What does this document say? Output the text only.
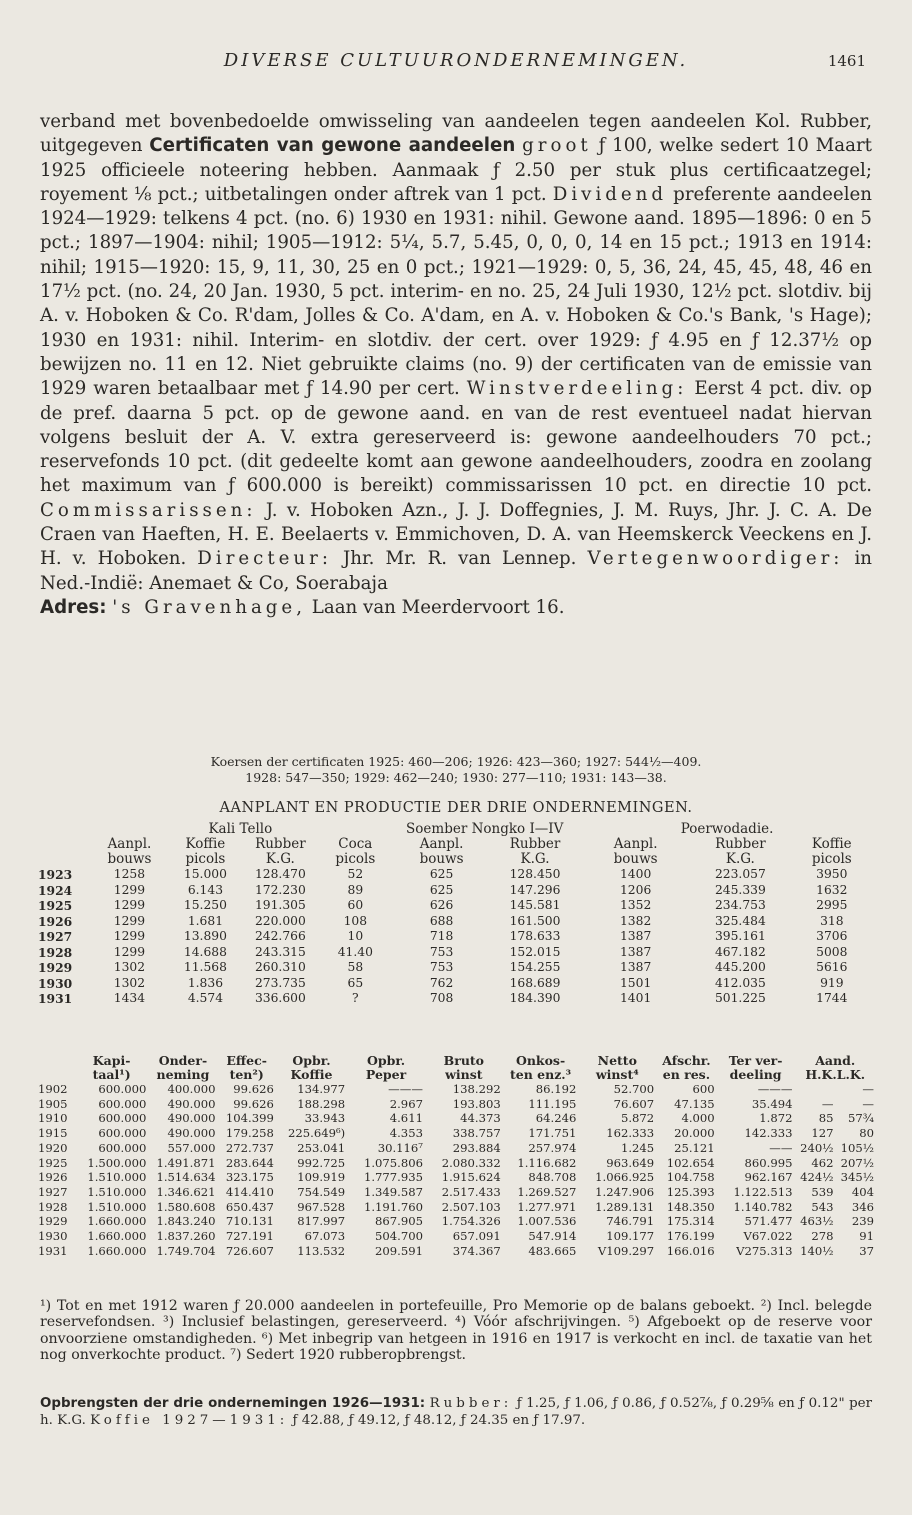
DIVERSE CULTUURONDERNEMINGEN.	1461

verband met bovenbedoelde omwisseling van aandeelen tegen aandeelen Kol. Rubber, uitgegeven Certificaten van gewone aandeelen groot ƒ 100, welke sedert 10 Maart 1925 officieele noteering hebben. Aanmaak ƒ 2.50 per stuk plus certificaatzegel; royement ⅛ pct.; uitbetalingen onder aftrek van 1 pct. Dividend preferente aandeelen 1924—1929: telkens 4 pct. (no. 6) 1930 en 1931: nihil. Gewone aand. 1895—1896: 0 en 5 pct.; 1897—1904: nihil; 1905—1912: 5¼, 5.7, 5.45, 0, 0, 0, 14 en 15 pct.; 1913 en 1914: nihil; 1915—1920: 15, 9, 11, 30, 25 en 0 pct.; 1921—1929: 0, 5, 36, 24, 45, 45, 48, 46 en 17½ pct. (no. 24, 20 Jan. 1930, 5 pct. interim- en no. 25, 24 Juli 1930, 12½ pct. slotdiv. bij A. v. Hoboken & Co. R'dam, Jolles & Co. A'dam, en A. v. Hoboken & Co.'s Bank, 's Hage); 1930 en 1931: nihil. Interim- en slotdiv. der cert. over 1929: ƒ 4.95 en ƒ 12.37½ op bewijzen no. 11 en 12. Niet gebruikte claims (no. 9) der certificaten van de emissie van 1929 waren betaalbaar met ƒ 14.90 per cert. Winstverdeeling: Eerst 4 pct. div. op de pref. daarna 5 pct. op de gewone aand. en van de rest eventueel nadat hiervan volgens besluit der A. V. extra gereserveerd is: gewone aandeelhouders 70 pct.; reservefonds 10 pct. (dit gedeelte komt aan gewone aandeelhouders, zoodra en zoolang het maximum van ƒ 600.000 is bereikt) commissarissen 10 pct. en directie 10 pct. Commissarissen: J. v. Hoboken Azn., J. J. Doffegnies, J. M. Ruys, Jhr. J. C. A. De Craen van Haeften, H. E. Beelaerts v. Emmichoven, D. A. van Heemskerck Veeckens en J. H. v. Hoboken. Directeur: Jhr. Mr. R. van Lennep. Vertegenwoordiger: in Ned.-Indië: Anemaet & Co, Soerabaja

Adres: 's Gravenhage, Laan van Meerdervoort 16.

Koersen der certificaten 1925: 460—206; 1926: 423—360; 1927: 544½—409.
1928: 547—350; 1929: 462—240; 1930: 277—110; 1931: 143—38.
AANPLANT EN PRODUCTIE DER DRIE ONDERNEMINGEN.
	Kali Tello				Soember Nongko I—IV		Poerwodadie.		
	Aanpl.	Koffie	Rubber	Coca	Aanpl.	Rubber	Aanpl.	Rubber	Koffie
	bouws	picols	K.G.	picols	bouws	K.G.	bouws	K.G.	picols
1923	1258	15.000	128.470	52	625	128.450	1400	223.057	3950
1924	1299	6.143	172.230	89	625	147.296	1206	245.339	1632
1925	1299	15.250	191.305	60	626	145.581	1352	234.753	2995
1926	1299	1.681	220.000	108	688	161.500	1382	325.484	318
1927	1299	13.890	242.766	10	718	178.633	1387	395.161	3706
1928	1299	14.688	243.315	41.40	753	152.015	1387	467.182	5008
1929	1302	11.568	260.310	58	753	154.255	1387	445.200	5616
1930	1302	1.836	273.735	65	762	168.689	1501	412.035	919
1931	1434	4.574	336.600	?	708	184.390	1401	501.225	1744
	Kapi-	Onder-	Effec-	Opbr.	Opbr.	Bruto	Onkos-	Netto	Afschr.	Ter ver-	Aand.	
	taal¹)	neming	ten²)	Koffie	Peper	winst	ten enz.³	winst⁴	en res.	deeling	H.K.L.K.	
1902	600.000	400.000	99.626	134.977	———	138.292	86.192	52.700	600	———		—
1905	600.000	490.000	99.626	188.298	2.967	193.803	111.195	76.607	47.135	35.494	—	—
1910	600.000	490.000	104.399	33.943	4.611	44.373	64.246	5.872	4.000	1.872	85	57¾
1915	600.000	490.000	179.258	225.649⁶)	4.353	338.757	171.751	162.333	20.000	142.333	127	80
1920	600.000	557.000	272.737	253.041	30.116⁷	293.884	257.974	1.245	25.121	——	240½	105½
1925	1.500.000	1.491.871	283.644	992.725	1.075.806	2.080.332	1.116.682	963.649	102.654	860.995	462	207½
1926	1.510.000	1.514.634	323.175	109.919	1.777.935	1.915.624	848.708	1.066.925	104.758	962.167	424½	345½
1927	1.510.000	1.346.621	414.410	754.549	1.349.587	2.517.433	1.269.527	1.247.906	125.393	1.122.513	539	404
1928	1.510.000	1.580.608	650.437	967.528	1.191.760	2.507.103	1.277.971	1.289.131	148.350	1.140.782	543	346
1929	1.660.000	1.843.240	710.131	817.997	867.905	1.754.326	1.007.536	746.791	175.314	571.477	463½	239
1930	1.660.000	1.837.260	727.191	67.073	504.700	657.091	547.914	109.177	176.199	V67.022	278	91
1931	1.660.000	1.749.704	726.607	113.532	209.591	374.367	483.665	V109.297	166.016	V275.313	140½	37
¹) Tot en met 1912 waren ƒ 20.000 aandeelen in portefeuille, Pro Memorie op de balans geboekt. ²) Incl. belegde reservefondsen. ³) Inclusief belastingen, gereserveerd. ⁴) Vóór afschrijvingen. ⁵) Afgeboekt op de reserve voor onvoorziene omstandigheden. ⁶) Met inbegrip van hetgeen in 1916 en 1917 is verkocht en incl. de taxatie van het nog onverkochte product. ⁷) Sedert 1920 rubberopbrengst.
Opbrengsten der drie ondernemingen 1926—1931: Rubber: ƒ 1.25, ƒ 1.06, ƒ 0.86, ƒ 0.52⅞, ƒ 0.29⅝ en ƒ 0.12" per h. K.G. Koffie 1927—1931: ƒ 42.88, ƒ 49.12, ƒ 48.12, ƒ 24.35 en ƒ 17.97.
